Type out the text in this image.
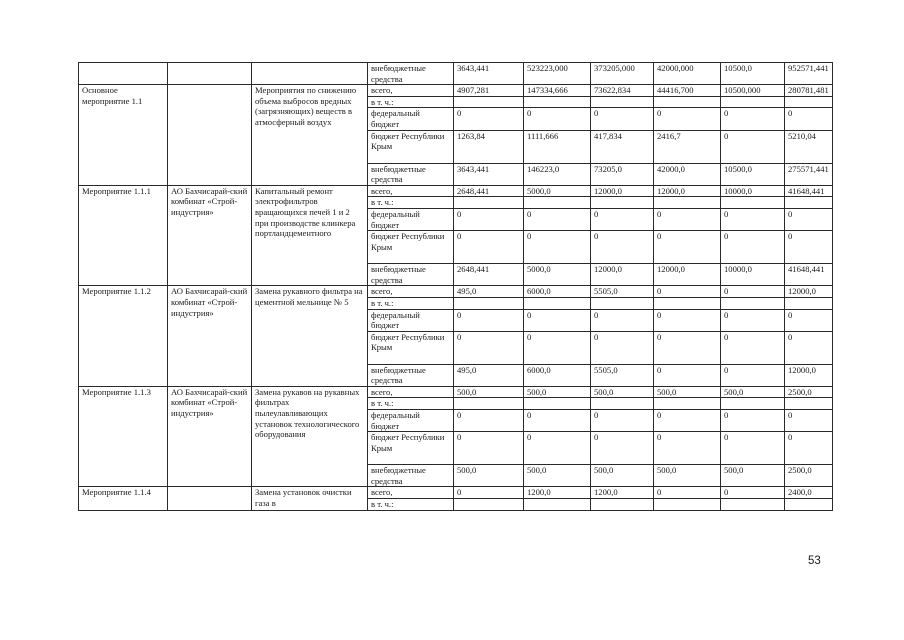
			внебюджетные средства	3643,441	523223,000	373205,000	42000,000	10500,0	952571,441	
Основное мероприятие 1.1		Мероприятия по снижению объема выбросов вредных (загрязняющих) веществ в атмосферный воздух	всего,	4907,281	147334,666	73622,834	44416,700	10500,000	280781,481	
			в т. ч.:							
			федеральный бюджет	0	0	0	0	0	0	
			бюджет Республики Крым	1263,84	1111,666	417,834	2416,7	0	5210,04	
			внебюджетные средства	3643,441	146223,0	73205,0	42000,0	10500,0	275571,441	
Мероприятие 1.1.1	АО Бахчисарай-ский комбинат «Строй-индустрия»	Капитальный ремонт электрофильтров вращающихся печей 1 и 2 при производстве клинкера портландцементного	всего,	2648,441	5000,0	12000,0	12000,0	10000,0	41648,441	
			в т. ч.:							
			федеральный бюджет	0	0	0	0	0	0	
			бюджет Республики Крым	0	0	0	0	0	0	
			внебюджетные средства	2648,441	5000,0	12000,0	12000,0	10000,0	41648,441	
Мероприятие 1.1.2	АО Бахчисарай-ский комбинат «Строй-индустрия»	Замена рукавного фильтра на цементной мельнице № 5	всего,	495,0	6000,0	5505,0	0	0	12000,0	
			в т. ч.:							
			федеральный бюджет	0	0	0	0	0	0	
			бюджет Республики Крым	0	0	0	0	0	0	
			внебюджетные средства	495,0	6000,0	5505,0	0	0	12000,0	
Мероприятие 1.1.3	АО Бахчисарай-ский комбинат «Строй-индустрия»	Замена рукавов на рукавных фильтрах пылеулавливающих установок технологического оборудования	всего,	500,0	500,0	500,0	500,0	500,0	2500,0	
			в т. ч.:							
			федеральный бюджет	0	0	0	0	0	0	
			бюджет Республики Крым	0	0	0	0	0	0	
			внебюджетные средства	500,0	500,0	500,0	500,0	500,0	2500,0	
Мероприятие 1.1.4		Замена установок очистки газа в	всего,	0	1200,0	1200,0	0	0	2400,0	
			в т. ч.:							
53
